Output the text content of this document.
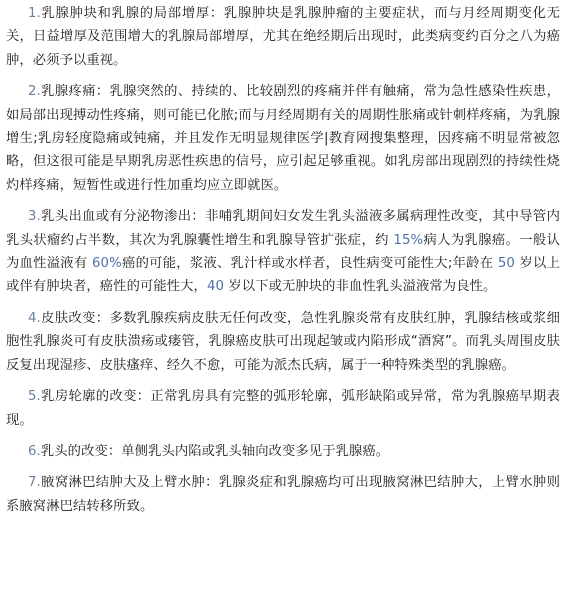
1.乳腺肿块和乳腺的局部增厚：乳腺肿块是乳腺肿瘤的主要症状，而与月经周期变化无关，日益增厚及范围增大的乳腺局部增厚，尤其在绝经期后出现时，此类病变约百分之八为癌肿，必须予以重视。

2.乳腺疼痛：乳腺突然的、持续的、比较剧烈的疼痛并伴有触痛，常为急性感染性疾患，如局部出现搏动性疼痛，则可能已化脓;而与月经周期有关的周期性胀痛或针刺样疼痛，为乳腺增生;乳房轻度隐痛或钝痛，并且发作无明显规律医学|教育网搜集整理，因疼痛不明显常被忽略，但这很可能是早期乳房恶性疾患的信号，应引起足够重视。如乳房部出现剧烈的持续性烧灼样疼痛，短暂性或进行性加重均应立即就医。

3.乳头出血或有分泌物渗出：非哺乳期间妇女发生乳头溢液多属病理性改变，其中导管内乳头状瘤约占半数，其次为乳腺囊性增生和乳腺导管扩张症，约 15%病人为乳腺癌。一般认为血性溢液有 60%癌的可能，浆液、乳汁样或水样者，良性病变可能性大;年龄在 50 岁以上或伴有肿块者，癌性的可能性大，40 岁以下或无肿块的非血性乳头溢液常为良性。

4.皮肤改变：多数乳腺疾病皮肤无任何改变，急性乳腺炎常有皮肤红肿，乳腺结核或浆细胞性乳腺炎可有皮肤溃疡或瘘管，乳腺癌皮肤可出现起皱或内陷形成“酒窝”。而乳头周围皮肤反复出现湿疹、皮肤瘙痒、经久不愈，可能为派杰氏病，属于一种特殊类型的乳腺癌。

5.乳房轮廓的改变：正常乳房具有完整的弧形轮廓，弧形缺陷或异常，常为乳腺癌早期表现。

6.乳头的改变：单侧乳头内陷或乳头轴向改变多见于乳腺癌。

7.腋窝淋巴结肿大及上臂水肿：乳腺炎症和乳腺癌均可出现腋窝淋巴结肿大，上臂水肿则系腋窝淋巴结转移所致。
